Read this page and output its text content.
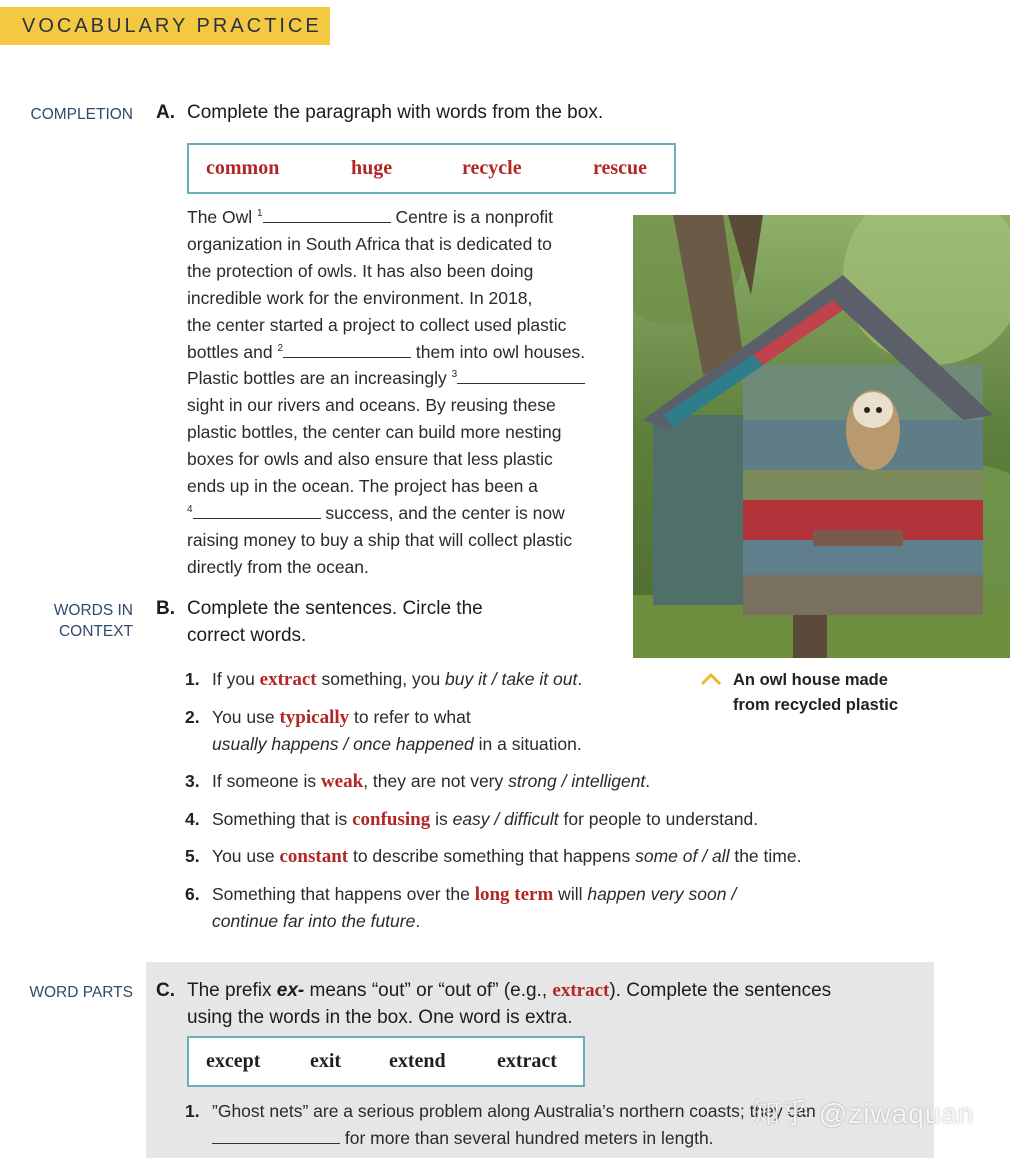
VOCABULARY PRACTICE
COMPLETION A. Complete the paragraph with words from the box.
common	huge	recycle	rescue
The Owl $^1$	Centre is a nonprofit
organization in South Africa that is dedicated to
the protection of owls. It has also been doing
incredible work for the environment. In 2018,
the center started a project to collect used plastic
bottles and $^2$	them into owl houses.
Plastic bottles are an increasingly $^3$
sight in our rivers and oceans. By reusing these
plastic bottles, the center can build more nesting
boxes for owls and also ensure that less plastic
ends up in the ocean. The project has been a
$^4$	success, and the center is now
raising money to buy a ship that will collect plastic
directly from the ocean.
An owl house made
from recycled plastic
WORDS IN
CONTEXT
B. Complete the sentences. Circle the
correct words.
1. If you extract something, you buy it / take it out.
2. You use typically to refer to what
usually happens / once happened in a situation.
3. If someone is weak, they are not very strong / intelligent.
4. Something that is confusing is easy / difficult for people to understand.
5. You use constant to describe something that happens some of / all the time.
6. Something that happens over the long term will happen very soon /
continue far into the future.
WORD PARTS C. The prefix ex- means “out” or “out of” (e.g., extract). Complete the sentences
using the words in the box. One word is extra.
except exit extend	extract
1. ”Ghost nets” are a serious problem along Australia’s northern coasts; they can
for more than several hundred meters in length.
知乎 @ziwaquan
